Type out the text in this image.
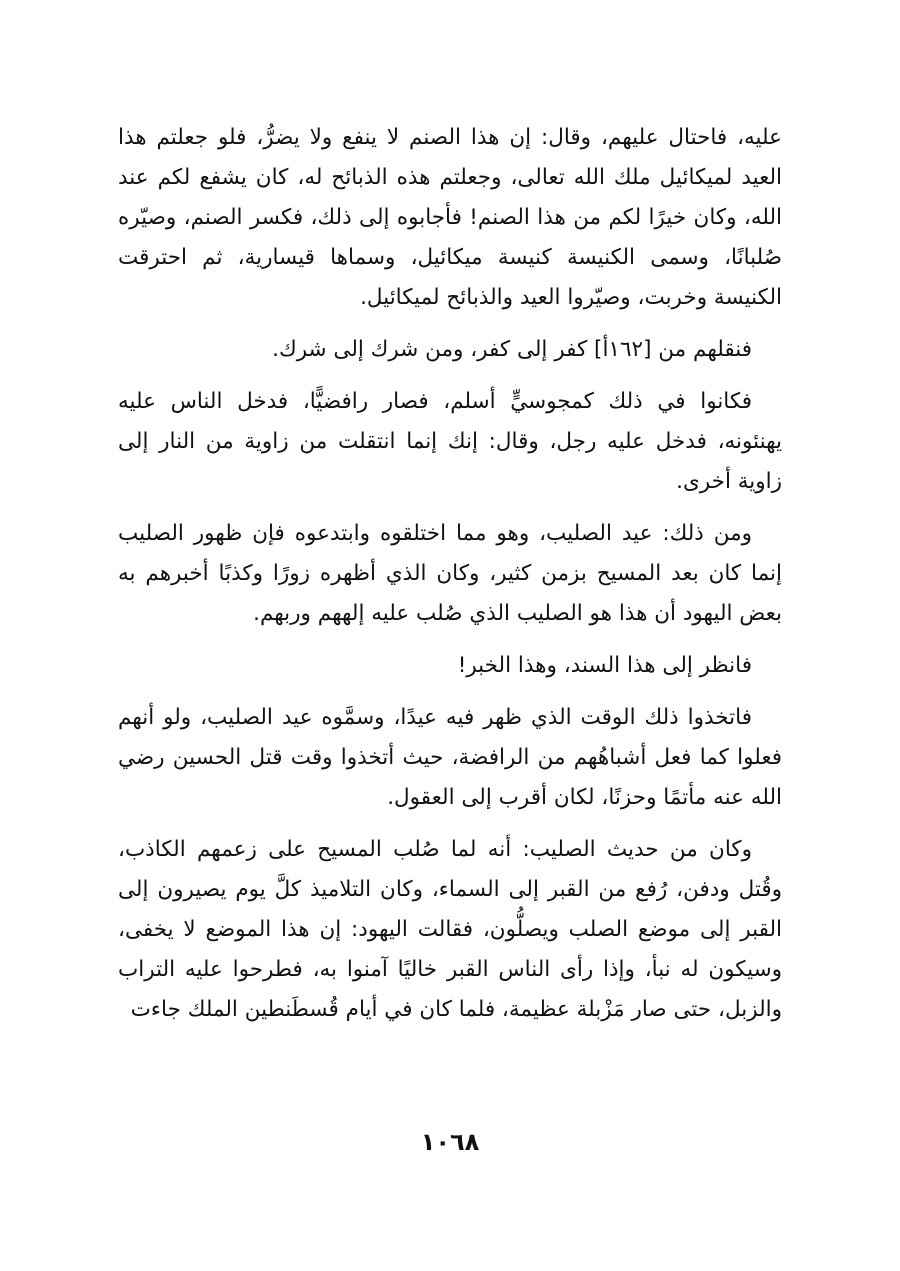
عليه، فاحتال عليهم، وقال: إن هذا الصنم لا ينفع ولا يضرُّ، فلو جعلتم هذا العيد لميكائيل ملك الله تعالى، وجعلتم هذه الذبائح له، كان يشفع لكم عند الله، وكان خيرًا لكم من هذا الصنم! فأجابوه إلى ذلك، فكسر الصنم، وصيّره صُلبانًا، وسمى الكنيسة كنيسة ميكائيل، وسماها قيسارية، ثم احترقت الكنيسة وخربت، وصيّروا العيد والذبائح لميكائيل.

فنقلهم من [١٦٢أ] كفر إلى كفر، ومن شرك إلى شرك.

فكانوا في ذلك كمجوسيٍّ أسلم، فصار رافضيًّا، فدخل الناس عليه يهنئونه، فدخل عليه رجل، وقال: إنك إنما انتقلت من زاوية من النار إلى زاوية أخرى.

ومن ذلك: عيد الصليب، وهو مما اختلقوه وابتدعوه فإن ظهور الصليب إنما كان بعد المسيح بزمن كثير، وكان الذي أظهره زورًا وكذبًا أخبرهم به بعض اليهود أن هذا هو الصليب الذي صُلب عليه إلههم وربهم.

فانظر إلى هذا السند، وهذا الخبر!

فاتخذوا ذلك الوقت الذي ظهر فيه عيدًا، وسمَّوه عيد الصليب، ولو أنهم فعلوا كما فعل أشباهُهم من الرافضة، حيث أتخذوا وقت قتل الحسين رضي الله عنه مأتمًا وحزنًا، لكان أقرب إلى العقول.

وكان من حديث الصليب: أنه لما صُلب المسيح على زعمهم الكاذب، وقُتل ودفن، رُفع من القبر إلى السماء، وكان التلاميذ كلَّ يوم يصيرون إلى القبر إلى موضع الصلب ويصلُّون، فقالت اليهود: إن هذا الموضع لا يخفى، وسيكون له نبأ، وإذا رأى الناس القبر خاليًا آمنوا به، فطرحوا عليه التراب والزبل، حتى صار مَزْبلة عظيمة، فلما كان في أيام قُسطَنطين الملك جاءت

١٠٦٨
